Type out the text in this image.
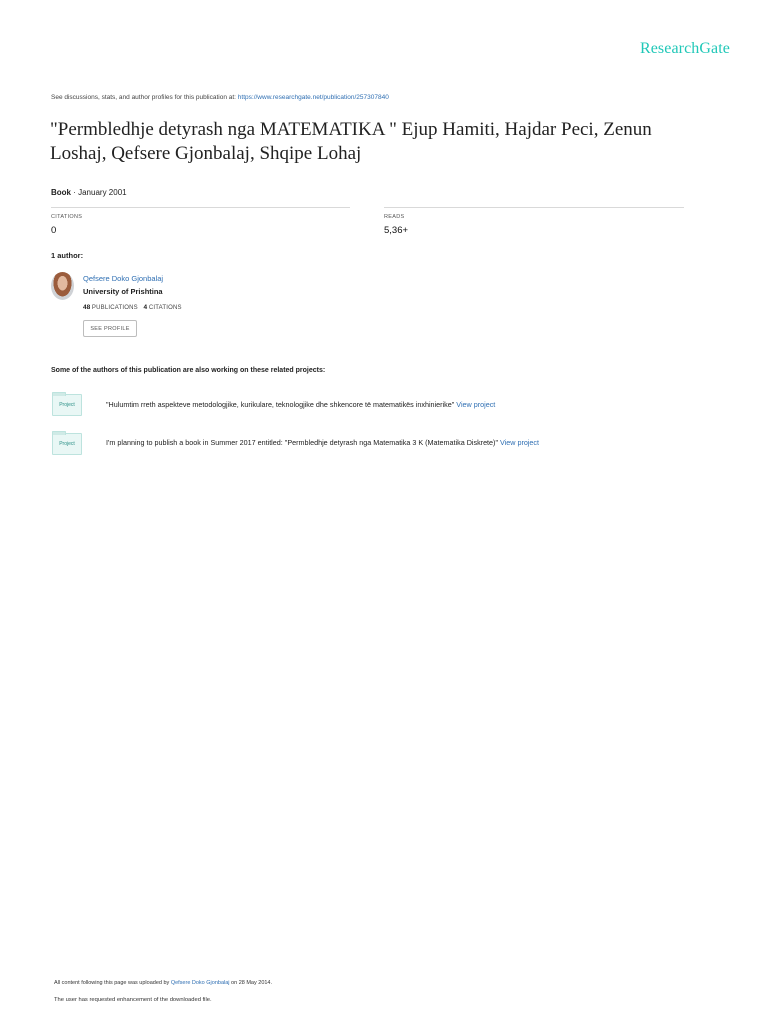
ResearchGate
See discussions, stats, and author profiles for this publication at: https://www.researchgate.net/publication/257307840
"Permbledhje detyrash nga MATEMATIKA " Ejup Hamiti, Hajdar Peci, Zenun Loshaj, Qefsere Gjonbalaj, Shqipe Lohaj
Book · January 2001
CITATIONS
0
READS
5,36+
1 author:
Qefsere Doko Gjonbalaj
University of Prishtina
48 PUBLICATIONS 4 CITATIONS
SEE PROFILE
Some of the authors of this publication are also working on these related projects:
Project	"Hulumtim rreth aspekteve metodologjike, kurikulare, teknologjike dhe shkencore të matematikës inxhinierike" View project
Project	I'm planning to publish a book in Summer 2017 entitled: "Permbledhje detyrash nga Matematika 3 K (Matematika Diskrete)" View project
All content following this page was uploaded by Qefsere Doko Gjonbalaj on 28 May 2014.
The user has requested enhancement of the downloaded file.
